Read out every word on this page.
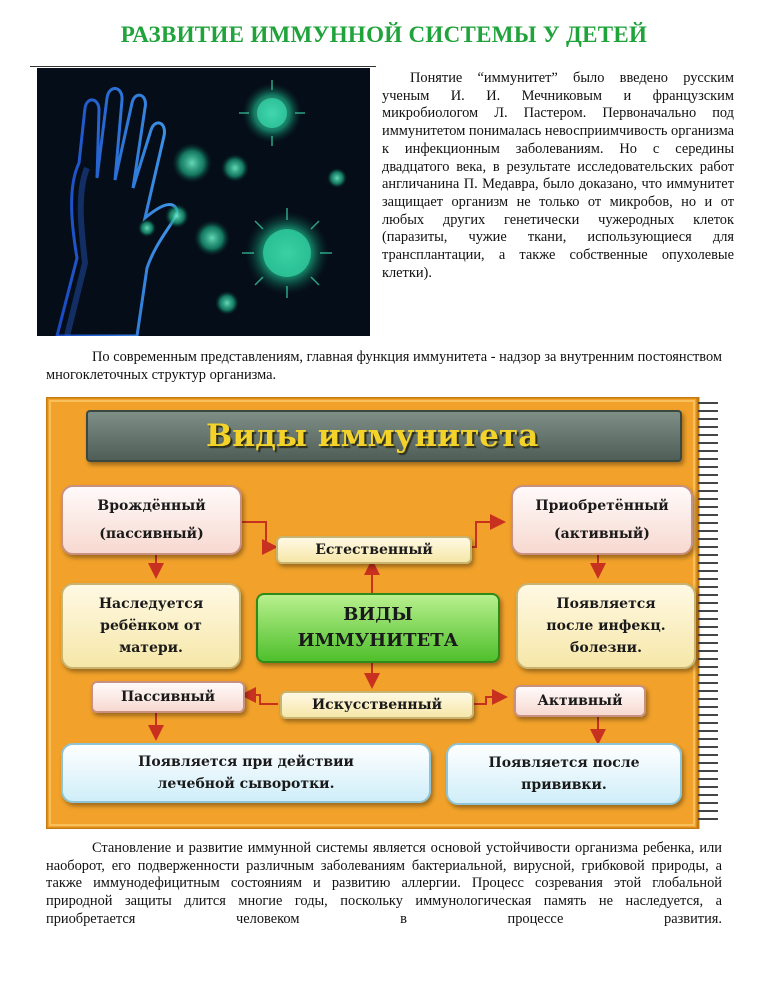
РАЗВИТИЕ ИММУННОЙ СИСТЕМЫ У ДЕТЕЙ

Понятие “иммунитет” было введено русским ученым И. И. Мечниковым и французским микробиологом Л. Пастером. Первоначально под иммунитетом понималась невосприимчивость организма к инфекционным заболеваниям. Но с середины двадцатого века, в результате исследовательских работ англичанина П. Медавра, было доказано, что иммунитет защищает организм не только от микробов, но и от любых других генетически чужеродных клеток (паразиты, чужие ткани, использующиеся для трансплантации, а также собственные опухолевые клетки).

По современным представлениям, главная функция иммунитета - надзор за внутренним постоянством многоклеточных структур организма.

Виды иммунитета
Врождённый
(пассивный)
Приобретённый
(активный)
Естественный
Наследуется
ребёнком от
матери.
ВИДЫ
ИММУНИТЕТА
Появляется
после инфекц.
болезни.
Пассивный	Искусственный	Активный
Появляется при действии
лечебной сыворотки.
Появляется после
прививки.

Становление и развитие иммунной системы является основой устойчивости организма ребенка, или наоборот, его подверженности различным заболеваниям бактериальной, вирусной, грибковой природы, а также иммунодефицитным состояниям и развитию аллергии. Процесс созревания этой глобальной природной защиты длится многие годы, поскольку иммунологическая память не наследуется, а приобретается человеком в процессе развития.
